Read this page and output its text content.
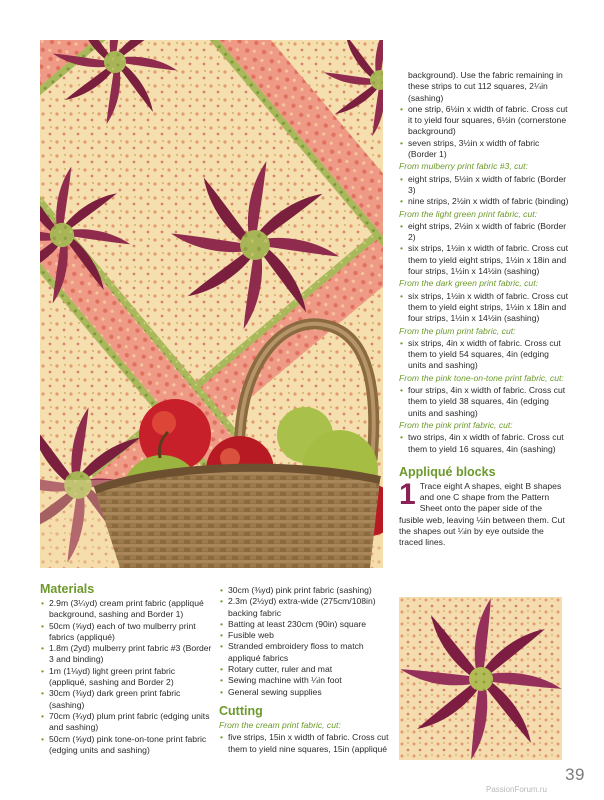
background). Use the fabric remaining in these strips to cut 112 squares, 2¼in (sashing)
• one strip, 6½in x width of fabric. Cross cut it to yield four squares, 6½in (cornerstone background)
• seven strips, 3½in x width of fabric (Border 1)
From mulberry print fabric #3, cut:
• eight strips, 5½in x width of fabric (Border 3)
• nine strips, 2½in x width of fabric (binding)
From the light green print fabric, cut:
• eight strips, 2½in x width of fabric (Border 2)
• six strips, 1½in x width of fabric. Cross cut them to yield eight strips, 1½in x 18in and four strips, 1½in x 14½in (sashing)
From the dark green print fabric, cut:
• six strips, 1½in x width of fabric. Cross cut them to yield eight strips, 1½in x 18in and four strips, 1½in x 14½in (sashing)
From the plum print fabric, cut:
• six strips, 4in x width of fabric. Cross cut them to yield 54 squares, 4in (edging units and sashing)
From the pink tone-on-tone print fabric, cut:
• four strips, 4in x width of fabric. Cross cut them to yield 38 squares, 4in (edging units and sashing)
From the pink print fabric, cut:
• two strips, 4in x width of fabric. Cross cut them to yield 16 squares, 4in (sashing)
Appliqué blocks
1 Trace eight A shapes, eight B shapes and one C shape from the Pattern Sheet onto the paper side of the fusible web, leaving ½in between them. Cut the shapes out ¼in by eye outside the traced lines.
Materials
• 2.9m (3¼yd) cream print fabric (appliqué background, sashing and Border 1)
• 50cm (⅝yd) each of two mulberry print fabrics (appliqué)
• 1.8m (2yd) mulberry print fabric #3 (Border 3 and binding)
• 1m (1⅛yd) light green print fabric (appliqué, sashing and Border 2)
• 30cm (⅜yd) dark green print fabric (sashing)
• 70cm (¾yd) plum print fabric (edging units and sashing)
• 50cm (⅝yd) pink tone-on-tone print fabric (edging units and sashing)
• 30cm (⅜yd) pink print fabric (sashing)
• 2.3m (2½yd) extra-wide (275cm/108in) backing fabric
• Batting at least 230cm (90in) square
• Fusible web
• Stranded embroidery floss to match appliqué fabrics
• Rotary cutter, ruler and mat
• Sewing machine with ¼in foot
• General sewing supplies
Cutting
From the cream print fabric, cut:
• five strips, 15in x width of fabric. Cross cut them to yield nine squares, 15in (appliqué
39
PassionForum.ru
